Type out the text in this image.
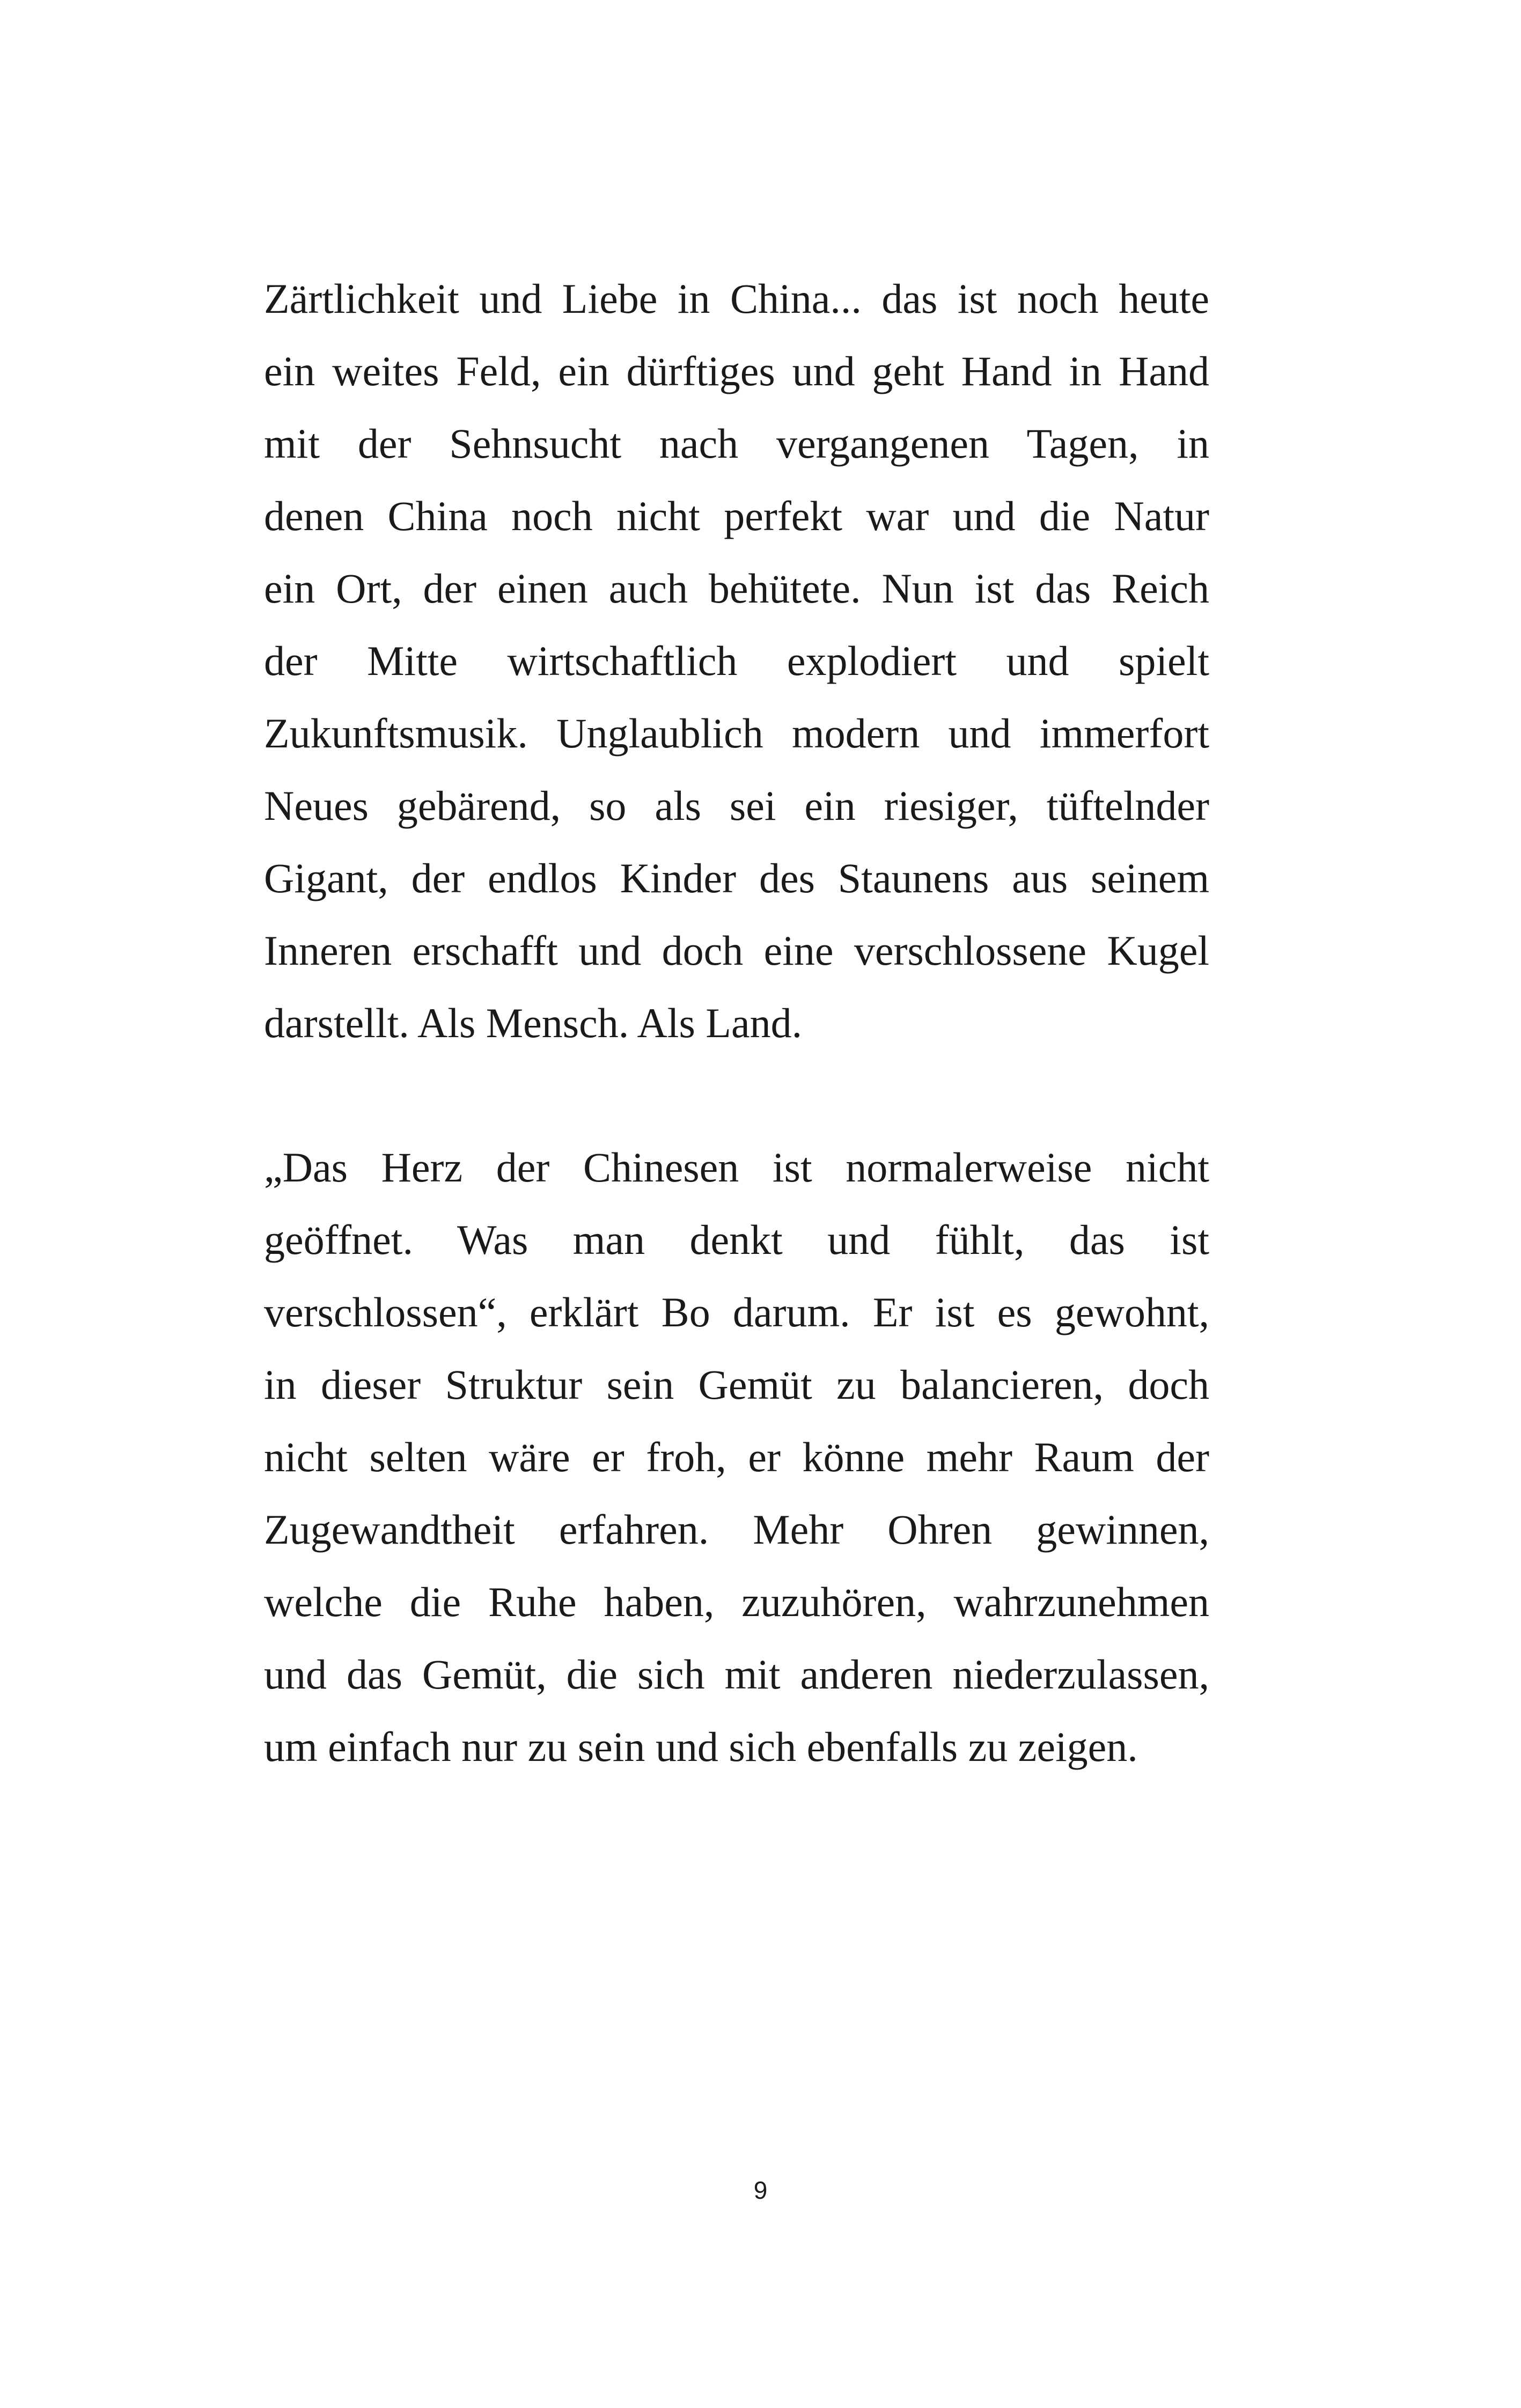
Zärtlichkeit und Liebe in China... das ist noch heute
ein weites Feld, ein dürftiges und geht Hand in Hand
mit der Sehnsucht nach vergangenen Tagen, in
denen China noch nicht perfekt war und die Natur
ein Ort, der einen auch behütete. Nun ist das Reich
der Mitte wirtschaftlich explodiert und spielt
Zukunftsmusik. Unglaublich modern und immerfort
Neues gebärend, so als sei ein riesiger, tüftelnder
Gigant, der endlos Kinder des Staunens aus seinem
Inneren erschafft und doch eine verschlossene Kugel
darstellt. Als Mensch. Als Land.
„Das Herz der Chinesen ist normalerweise nicht
geöffnet. Was man denkt und fühlt, das ist
verschlossen“, erklärt Bo darum. Er ist es gewohnt,
in dieser Struktur sein Gemüt zu balancieren, doch
nicht selten wäre er froh, er könne mehr Raum der
Zugewandtheit erfahren. Mehr Ohren gewinnen,
welche die Ruhe haben, zuzuhören, wahrzunehmen
und das Gemüt, die sich mit anderen niederzulassen,
um einfach nur zu sein und sich ebenfalls zu zeigen.
9
